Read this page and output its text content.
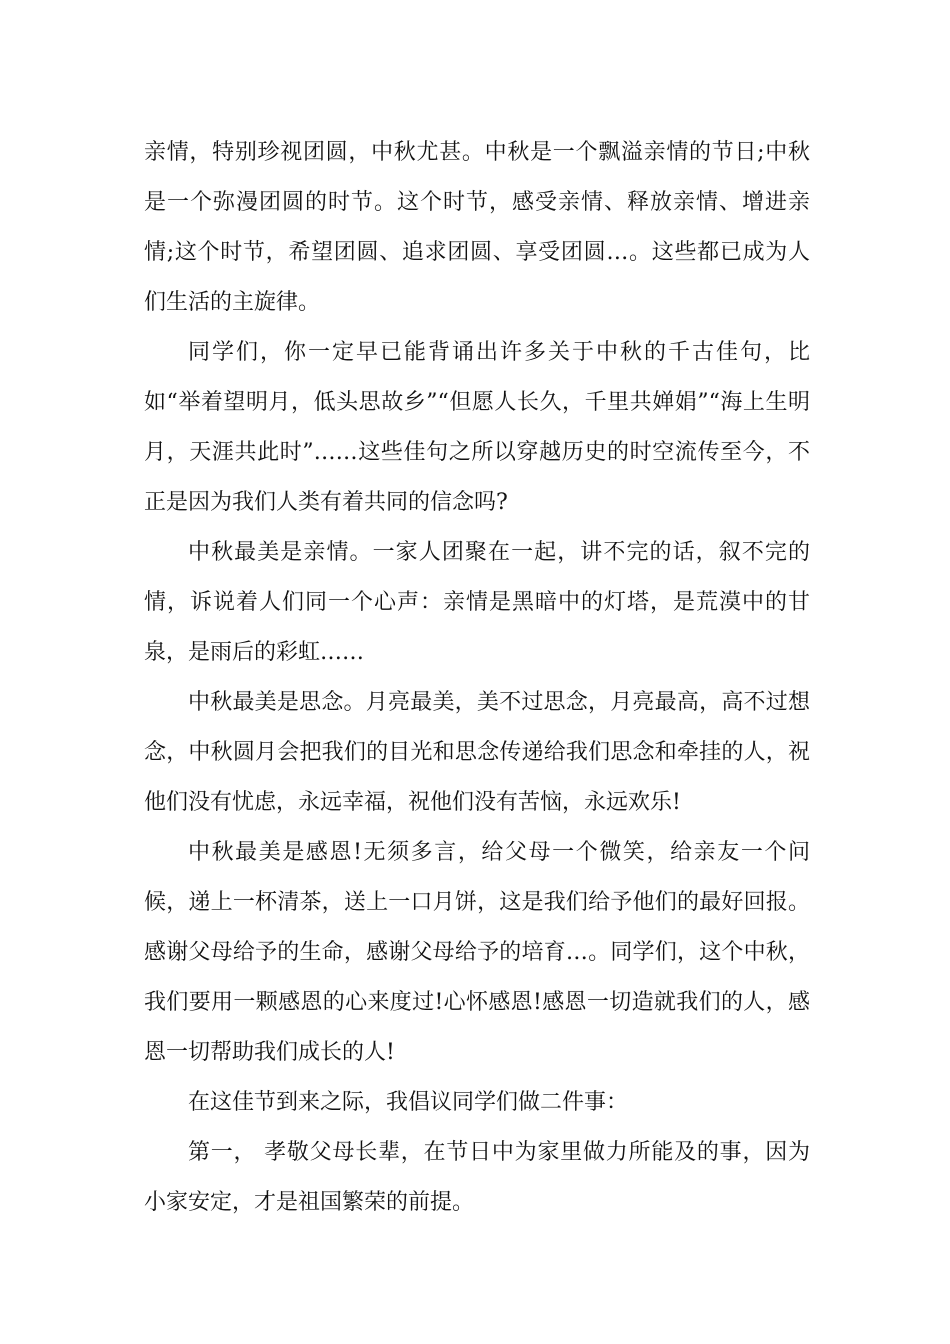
亲情，特别珍视团圆，中秋尤甚。中秋是一个飘溢亲情的节日;中秋是一个弥漫团圆的时节。这个时节，感受亲情、释放亲情、增进亲情;这个时节，希望团圆、追求团圆、享受团圆…。这些都已成为人们生活的主旋律。

同学们，你一定早已能背诵出许多关于中秋的千古佳句，比如“举着望明月，低头思故乡”“但愿人长久，千里共婵娟”“海上生明月，天涯共此时”……这些佳句之所以穿越历史的时空流传至今，不正是因为我们人类有着共同的信念吗?

中秋最美是亲情。一家人团聚在一起，讲不完的话，叙不完的情，诉说着人们同一个心声：亲情是黑暗中的灯塔，是荒漠中的甘泉，是雨后的彩虹……

中秋最美是思念。月亮最美，美不过思念，月亮最高，高不过想念，中秋圆月会把我们的目光和思念传递给我们思念和牵挂的人，祝他们没有忧虑，永远幸福，祝他们没有苦恼，永远欢乐!

中秋最美是感恩!无须多言，给父母一个微笑，给亲友一个问候，递上一杯清茶，送上一口月饼，这是我们给予他们的最好回报。感谢父母给予的生命，感谢父母给予的培育…。同学们，这个中秋，我们要用一颗感恩的心来度过!心怀感恩!感恩一切造就我们的人，感恩一切帮助我们成长的人!

在这佳节到来之际，我倡议同学们做二件事：

第一， 孝敬父母长辈，在节日中为家里做力所能及的事，因为小家安定，才是祖国繁荣的前提。
